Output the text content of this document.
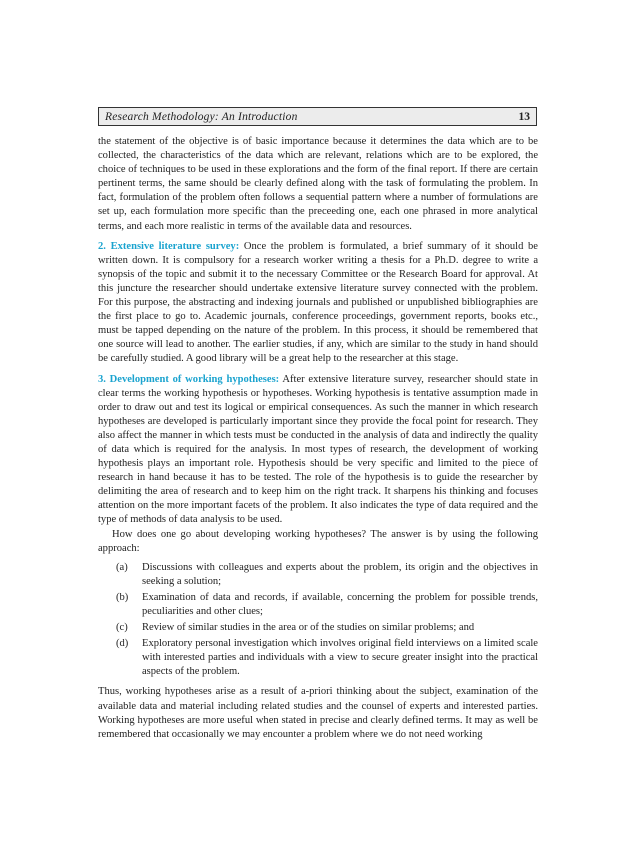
Research Methodology: An Introduction	13

the statement of the objective is of basic importance because it determines the data which are to be collected, the characteristics of the data which are relevant, relations which are to be explored, the choice of techniques to be used in these explorations and the form of the final report. If there are certain pertinent terms, the same should be clearly defined along with the task of formulating the problem. In fact, formulation of the problem often follows a sequential pattern where a number of formulations are set up, each formulation more specific than the preceeding one, each one phrased in more analytical terms, and each more realistic in terms of the available data and resources.

2. Extensive literature survey: Once the problem is formulated, a brief summary of it should be written down. It is compulsory for a research worker writing a thesis for a Ph.D. degree to write a synopsis of the topic and submit it to the necessary Committee or the Research Board for approval. At this juncture the researcher should undertake extensive literature survey connected with the problem. For this purpose, the abstracting and indexing journals and published or unpublished bibliographies are the first place to go to. Academic journals, conference proceedings, government reports, books etc., must be tapped depending on the nature of the problem. In this process, it should be remembered that one source will lead to another. The earlier studies, if any, which are similar to the study in hand should be carefully studied. A good library will be a great help to the researcher at this stage.

3. Development of working hypotheses: After extensive literature survey, researcher should state in clear terms the working hypothesis or hypotheses. Working hypothesis is tentative assumption made in order to draw out and test its logical or empirical consequences. As such the manner in which research hypotheses are developed is particularly important since they provide the focal point for research. They also affect the manner in which tests must be conducted in the analysis of data and indirectly the quality of data which is required for the analysis. In most types of research, the development of working hypothesis plays an important role. Hypothesis should be very specific and limited to the piece of research in hand because it has to be tested. The role of the hypothesis is to guide the researcher by delimiting the area of research and to keep him on the right track. It sharpens his thinking and focuses attention on the more important facets of the problem. It also indicates the type of data required and the type of methods of data analysis to be used.

How does one go about developing working hypotheses? The answer is by using the following approach:

(a) Discussions with colleagues and experts about the problem, its origin and the objectives in seeking a solution;
(b) Examination of data and records, if available, concerning the problem for possible trends, peculiarities and other clues;
(c) Review of similar studies in the area or of the studies on similar problems; and
(d) Exploratory personal investigation which involves original field interviews on a limited scale with interested parties and individuals with a view to secure greater insight into the practical aspects of the problem.

Thus, working hypotheses arise as a result of a-priori thinking about the subject, examination of the available data and material including related studies and the counsel of experts and interested parties. Working hypotheses are more useful when stated in precise and clearly defined terms. It may as well be remembered that occasionally we may encounter a problem where we do not need working
